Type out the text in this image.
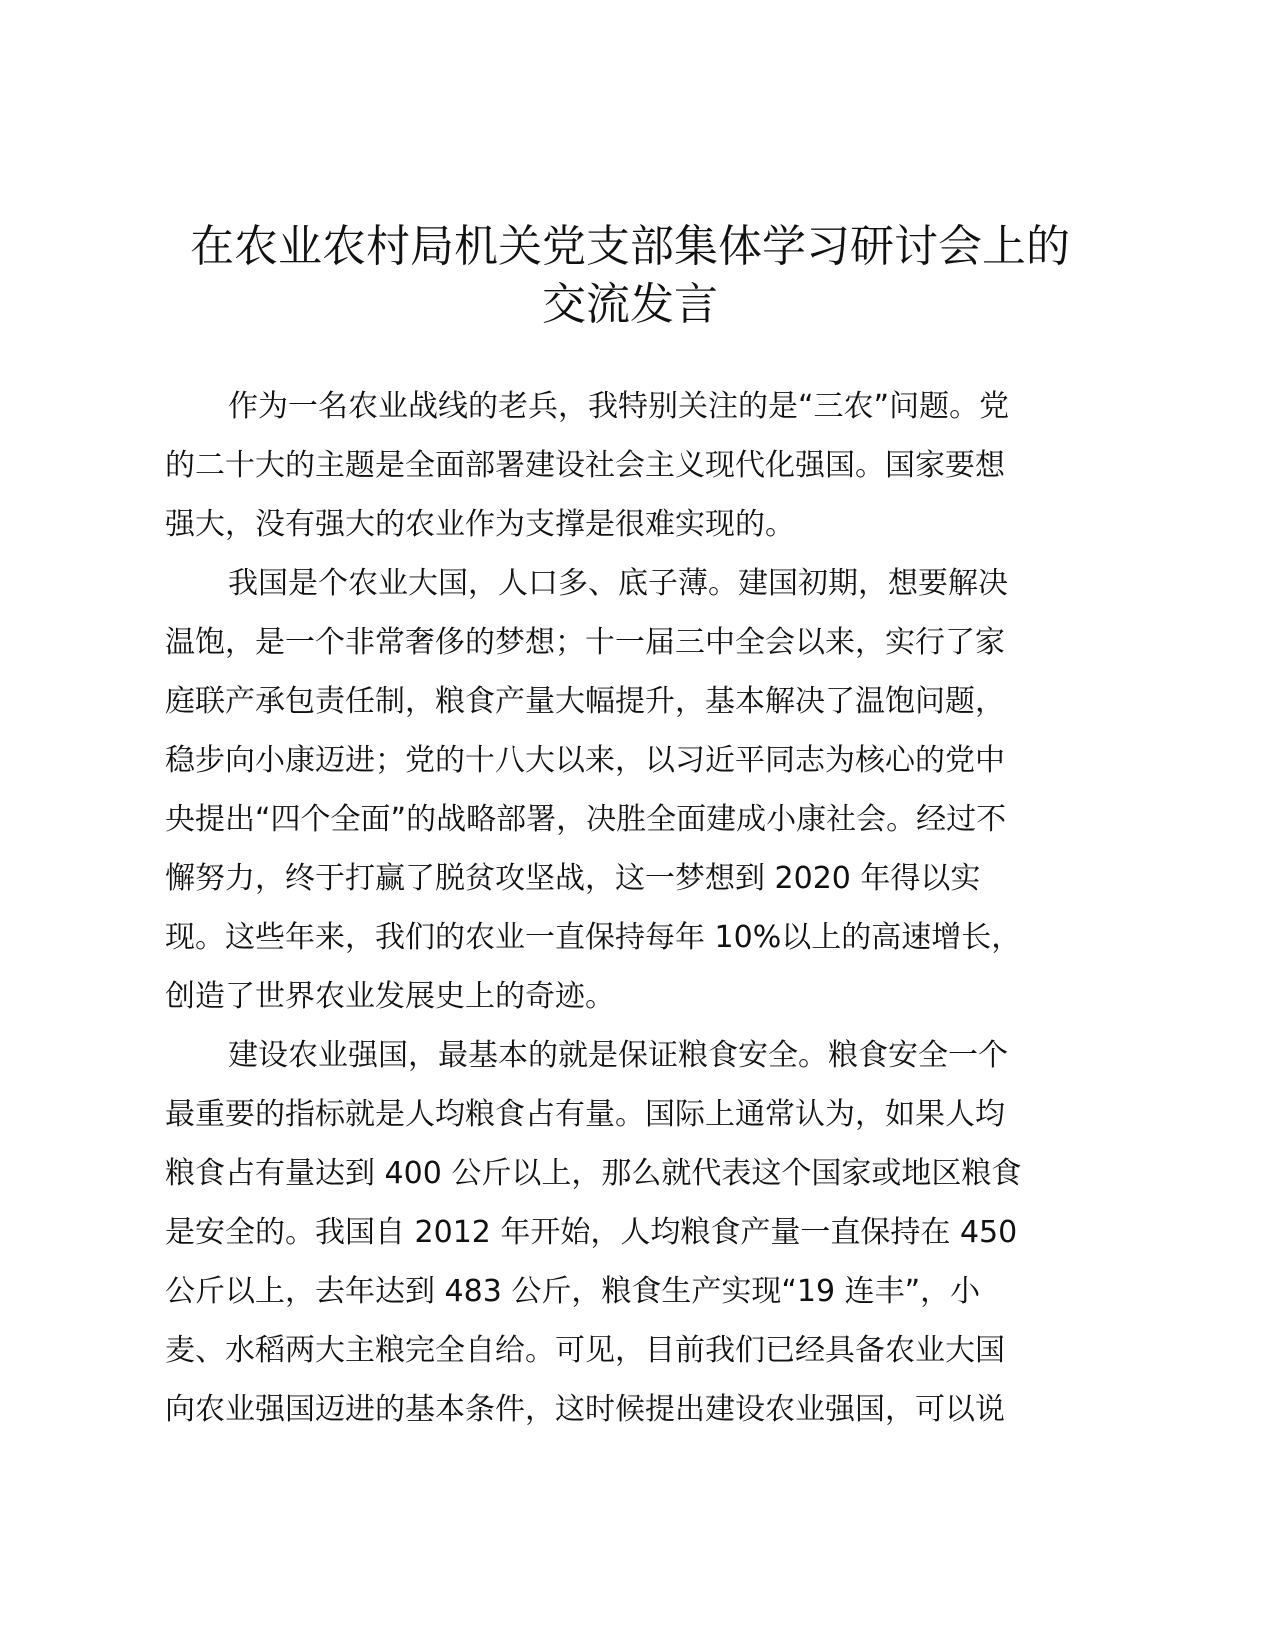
在农业农村局机关党支部集体学习研讨会上的
交流发言

作为一名农业战线的老兵，我特别关注的是“三农”问题。党
的二十大的主题是全面部署建设社会主义现代化强国。国家要想
强大，没有强大的农业作为支撑是很难实现的。

我国是个农业大国，人口多、底子薄。建国初期，想要解决
温饱，是一个非常奢侈的梦想；十一届三中全会以来，实行了家
庭联产承包责任制，粮食产量大幅提升，基本解决了温饱问题，
稳步向小康迈进；党的十八大以来，以习近平同志为核心的党中
央提出“四个全面”的战略部署，决胜全面建成小康社会。经过不
懈努力，终于打赢了脱贫攻坚战，这一梦想到 2020 年得以实
现。这些年来，我们的农业一直保持每年 10%以上的高速增长，
创造了世界农业发展史上的奇迹。

建设农业强国，最基本的就是保证粮食安全。粮食安全一个
最重要的指标就是人均粮食占有量。国际上通常认为，如果人均
粮食占有量达到 400 公斤以上，那么就代表这个国家或地区粮食
是安全的。我国自 2012 年开始，人均粮食产量一直保持在 450
公斤以上，去年达到 483 公斤，粮食生产实现“19 连丰”，小
麦、水稻两大主粮完全自给。可见，目前我们已经具备农业大国
向农业强国迈进的基本条件，这时候提出建设农业强国，可以说
